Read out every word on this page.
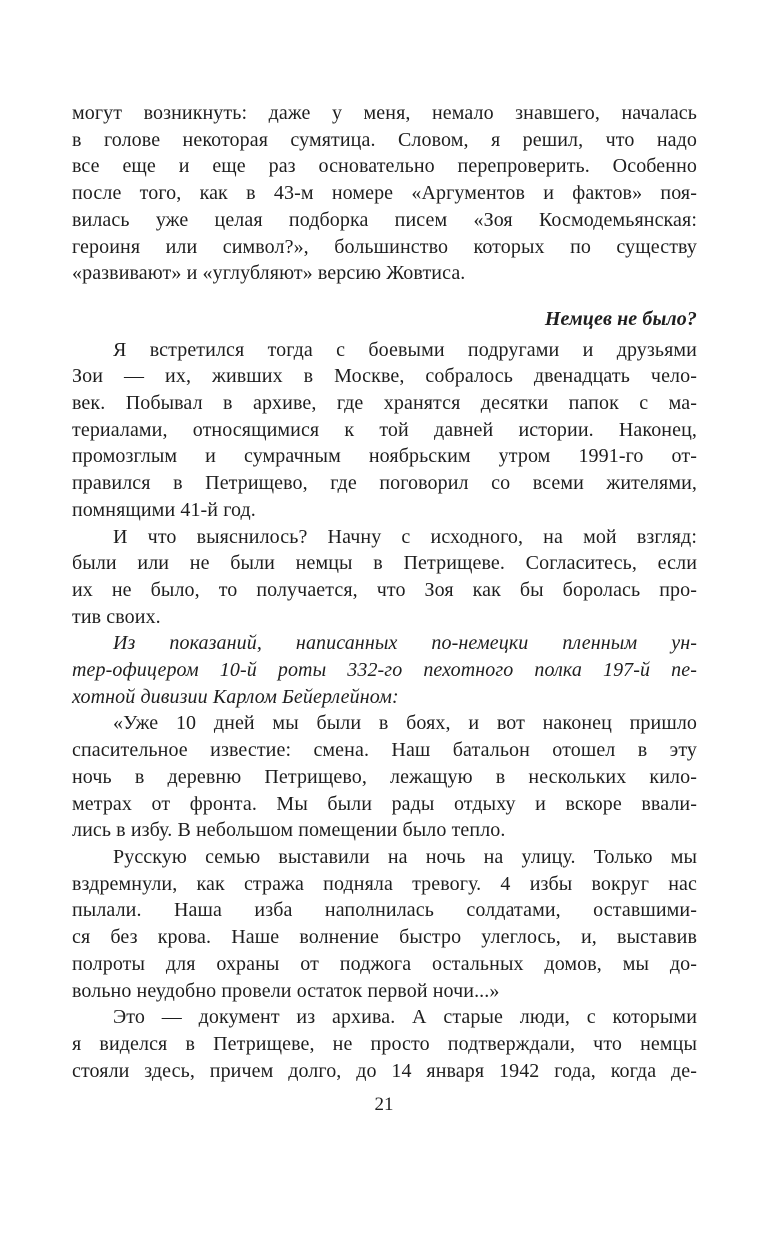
могут возникнуть: даже у меня, немало знавшего, началась
в голове некоторая сумятица. Словом, я решил, что надо
все еще и еще раз основательно перепроверить. Особенно
после того, как в 43-м номере «Аргументов и фактов» поя-
вилась уже целая подборка писем «Зоя Космодемьянская:
героиня или символ?», большинство которых по существу
«развивают» и «углубляют» версию Жовтиса.
Немцев не было?
Я встретился тогда с боевыми подругами и друзьями
Зои — их, живших в Москве, собралось двенадцать чело-
век. Побывал в архиве, где хранятся десятки папок с ма-
териалами, относящимися к той давней истории. Наконец,
промозглым и сумрачным ноябрьским утром 1991-го от-
правился в Петрищево, где поговорил со всеми жителями,
помнящими 41-й год.
И что выяснилось? Начну с исходного, на мой взгляд:
были или не были немцы в Петрищеве. Согласитесь, если
их не было, то получается, что Зоя как бы боролась про-
тив своих.
Из показаний, написанных по-немецки пленным ун-
тер-офицером 10-й роты 332-го пехотного полка 197-й пе-
хотной дивизии Карлом Бейерлейном:
«Уже 10 дней мы были в боях, и вот наконец пришло
спасительное известие: смена. Наш батальон отошел в эту
ночь в деревню Петрищево, лежащую в нескольких кило-
метрах от фронта. Мы были рады отдыху и вскоре ввали-
лись в избу. В небольшом помещении было тепло.
Русскую семью выставили на ночь на улицу. Только мы
вздремнули, как стража подняла тревогу. 4 избы вокруг нас
пылали. Наша изба наполнилась солдатами, оставшими-
ся без крова. Наше волнение быстро улеглось, и, выставив
полроты для охраны от поджога остальных домов, мы до-
вольно неудобно провели остаток первой ночи...»
Это — документ из архива. А старые люди, с которыми
я виделся в Петрищеве, не просто подтверждали, что немцы
стояли здесь, причем долго, до 14 января 1942 года, когда де-
21
